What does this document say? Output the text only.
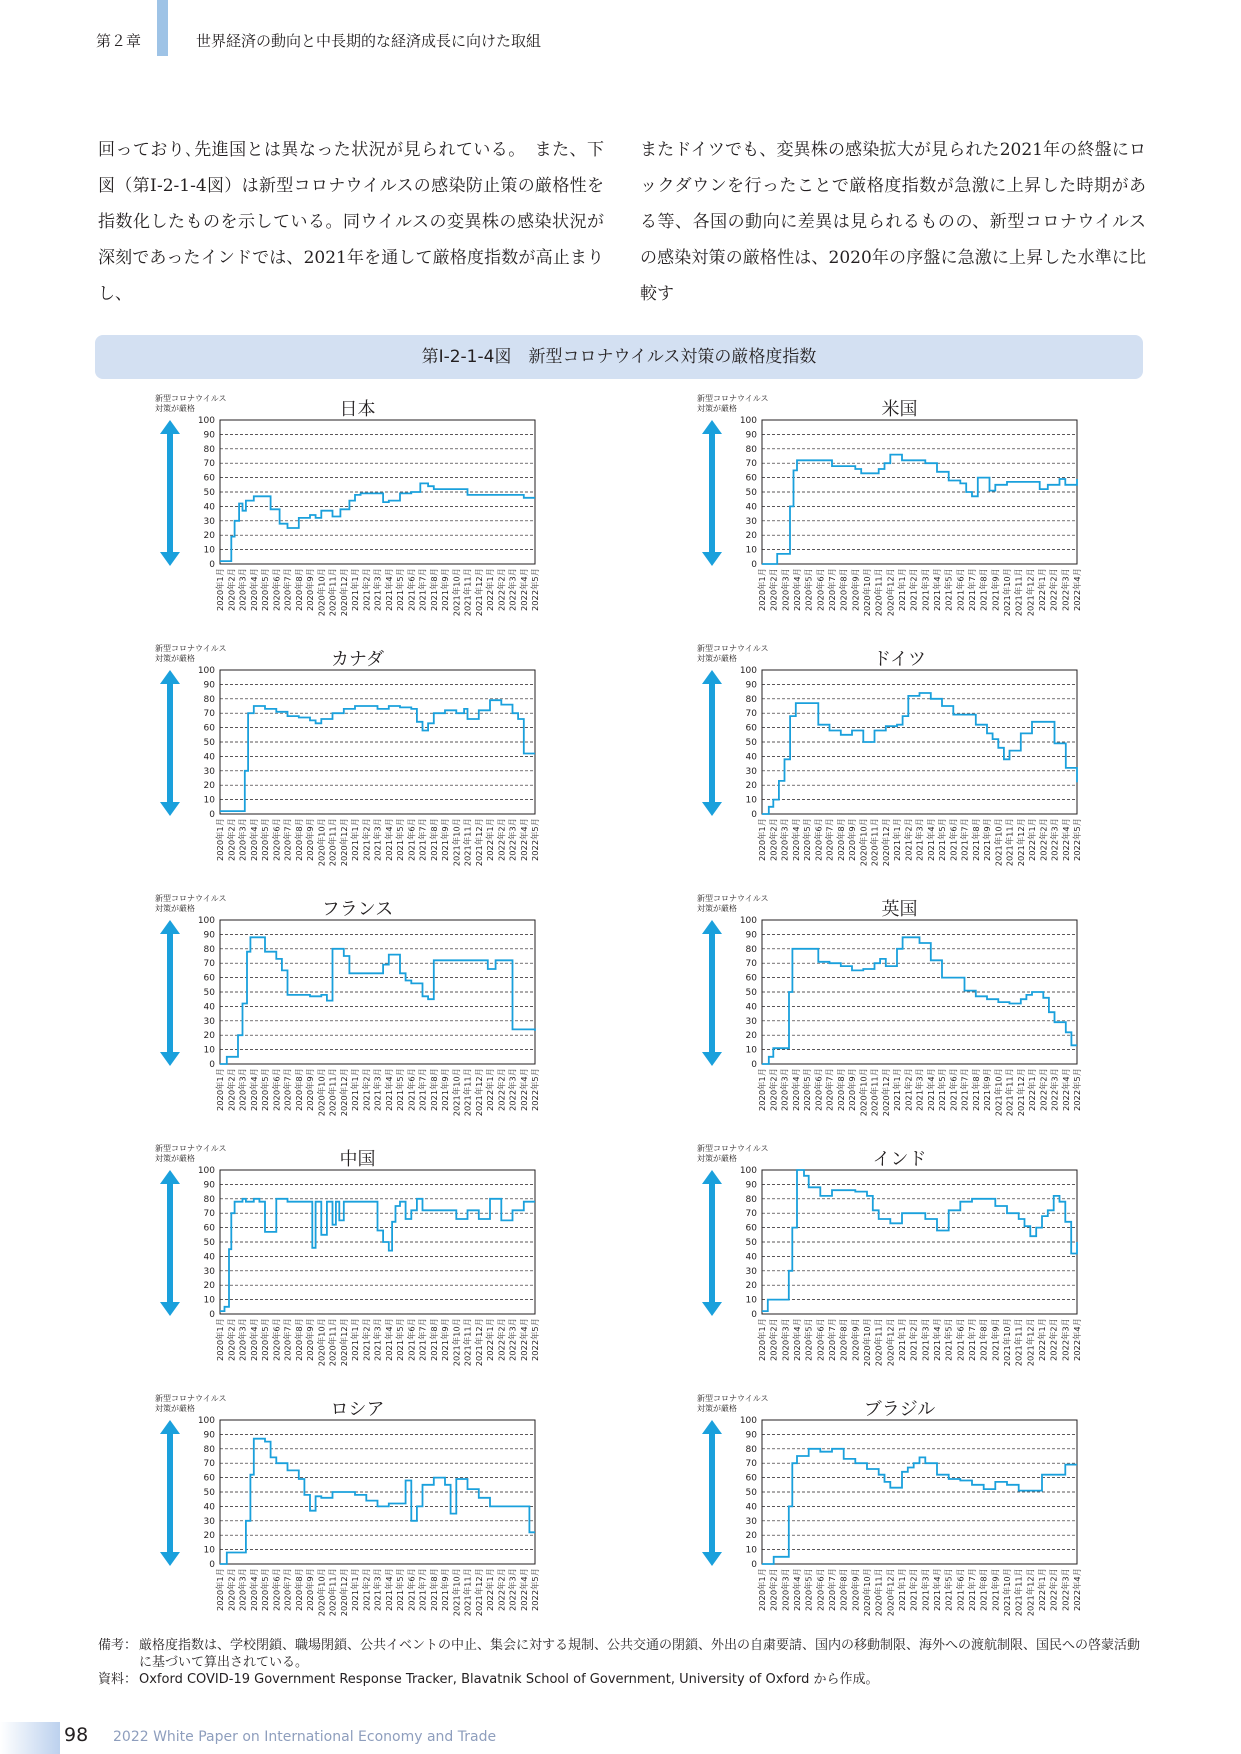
第２章	世界経済の動向と中長期的な経済成長に向けた取組

回っており､先進国とは異なった状況が見られている。　また、下図（第Ⅰ-2-1-4図）は新型コロナウイルスの感染防止策の厳格性を指数化したものを示している。同ウイルスの変異株の感染状況が深刻であったインドでは、2021年を通して厳格度指数が高止まりし、

またドイツでも、変異株の感染拡大が見られた2021年の終盤にロックダウンを行ったことで厳格度指数が急激に上昇した時期がある等、各国の動向に差異は見られるものの、新型コロナウイルスの感染対策の厳格性は、2020年の序盤に急激に上昇した水準に比較す

第Ⅰ-2-1-4図　新型コロナウイルス対策の厳格度指数
新型コロナウイルス
対策が厳格	日本
0
10
20
30
40
50
60
70
80
90
100
2020年1月 2020年2月 2020年3月 2020年4月 2020年5月 2020年6月 2020年7月 2020年8月 2020年9月 2020年10月 2020年11月 2020年12月 2021年1月 2021年2月 2021年3月 2021年4月 2021年5月 2021年6月 2021年7月 2021年8月 2021年9月 2021年10月 2021年11月 2021年12月 2022年1月 2022年2月 2022年3月 2022年4月 2022年5月
新型コロナウイルス
対策が厳格	米国
0
10
20
30
40
50
60
70
80
90
100
2020年1月 2020年2月 2020年3月 2020年4月 2020年5月 2020年6月 2020年7月 2020年8月 2020年9月 2020年10月 2020年11月 2020年12月 2021年1月 2021年2月 2021年3月 2021年4月 2021年5月 2021年6月 2021年7月 2021年8月 2021年9月 2021年10月 2021年11月 2021年12月 2022年1月 2022年2月 2022年3月 2022年4月
新型コロナウイルス
対策が厳格	カナダ
0
10
20
30
40
50
60
70
80
90
100
2020年1月 2020年2月 2020年3月 2020年4月 2020年5月 2020年6月 2020年7月 2020年8月 2020年9月 2020年10月 2020年11月 2020年12月 2021年1月 2021年2月 2021年3月 2021年4月 2021年5月 2021年6月 2021年7月 2021年8月 2021年9月 2021年10月 2021年11月 2021年12月 2022年1月 2022年2月 2022年3月 2022年4月 2022年5月
新型コロナウイルス
対策が厳格	ドイツ
0
10
20
30
40
50
60
70
80
90
100
2020年1月 2020年2月 2020年3月 2020年4月 2020年5月 2020年6月 2020年7月 2020年8月 2020年9月 2020年10月 2020年11月 2020年12月 2021年1月 2021年2月 2021年3月 2021年4月 2021年5月 2021年6月 2021年7月 2021年8月 2021年9月 2021年10月 2021年11月 2021年12月 2022年1月 2022年2月 2022年3月 2022年4月 2022年5月
新型コロナウイルス
対策が厳格	フランス
0
10
20
30
40
50
60
70
80
90
100
2020年1月 2020年2月 2020年3月 2020年4月 2020年5月 2020年6月 2020年7月 2020年8月 2020年9月 2020年10月 2020年11月 2020年12月 2021年1月 2021年2月 2021年3月 2021年4月 2021年5月 2021年6月 2021年7月 2021年8月 2021年9月 2021年10月 2021年11月 2021年12月 2022年1月 2022年2月 2022年3月 2022年4月 2022年5月
新型コロナウイルス
対策が厳格	英国
0
10
20
30
40
50
60
70
80
90
100
2020年1月 2020年2月 2020年3月 2020年4月 2020年5月 2020年6月 2020年7月 2020年8月 2020年9月 2020年10月 2020年11月 2020年12月 2021年1月 2021年2月 2021年3月 2021年4月 2021年5月 2021年6月 2021年7月 2021年8月 2021年9月 2021年10月 2021年11月 2021年12月 2022年1月 2022年2月 2022年3月 2022年4月 2022年5月
新型コロナウイルス
対策が厳格	中国
0
10
20
30
40
50
60
70
80
90
100
2020年1月 2020年2月 2020年3月 2020年4月 2020年5月 2020年6月 2020年7月 2020年8月 2020年9月 2020年10月 2020年11月 2020年12月 2021年1月 2021年2月 2021年3月 2021年4月 2021年5月 2021年6月 2021年7月 2021年8月 2021年9月 2021年10月 2021年11月 2021年12月 2022年1月 2022年2月 2022年3月 2022年4月 2022年5月
新型コロナウイルス
対策が厳格	インド
0
10
20
30
40
50
60
70
80
90
100
2020年1月 2020年2月 2020年3月 2020年4月 2020年5月 2020年6月 2020年7月 2020年8月 2020年9月 2020年10月 2020年11月 2020年12月 2021年1月 2021年2月 2021年3月 2021年4月 2021年5月 2021年6月 2021年7月 2021年8月 2021年9月 2021年10月 2021年11月 2021年12月 2022年1月 2022年2月 2022年3月 2022年4月
新型コロナウイルス
対策が厳格	ロシア
0
10
20
30
40
50
60
70
80
90
100
2020年1月 2020年2月 2020年3月 2020年4月 2020年5月 2020年6月 2020年7月 2020年8月 2020年9月 2020年10月 2020年11月 2020年12月 2021年1月 2021年2月 2021年3月 2021年4月 2021年5月 2021年6月 2021年7月 2021年8月 2021年9月 2021年10月 2021年11月 2021年12月 2022年1月 2022年2月 2022年3月 2022年4月 2022年5月
新型コロナウイルス
対策が厳格	ブラジル
0
10
20
30
40
50
60
70
80
90
100
2020年1月 2020年2月 2020年3月 2020年4月 2020年5月 2020年6月 2020年7月 2020年8月 2020年9月 2020年10月 2020年11月 2020年12月 2021年1月 2021年2月 2021年3月 2021年4月 2021年5月 2021年6月 2021年7月 2021年8月 2021年9月 2021年10月 2021年11月 2021年12月 2022年1月 2022年2月 2022年3月 2022年4月
備考： 厳格度指数は、学校閉鎖、職場閉鎖、公共イベントの中止、集会に対する規制、公共交通の閉鎖、外出の自粛要請、国内の移動制限、海外への渡航制限、国民への啓蒙活動に基づいて算出されている。
資料： Oxford COVID-19 Government Response Tracker, Blavatnik School of Government, University of Oxford から作成。
98 2022 White Paper on International Economy and Trade
